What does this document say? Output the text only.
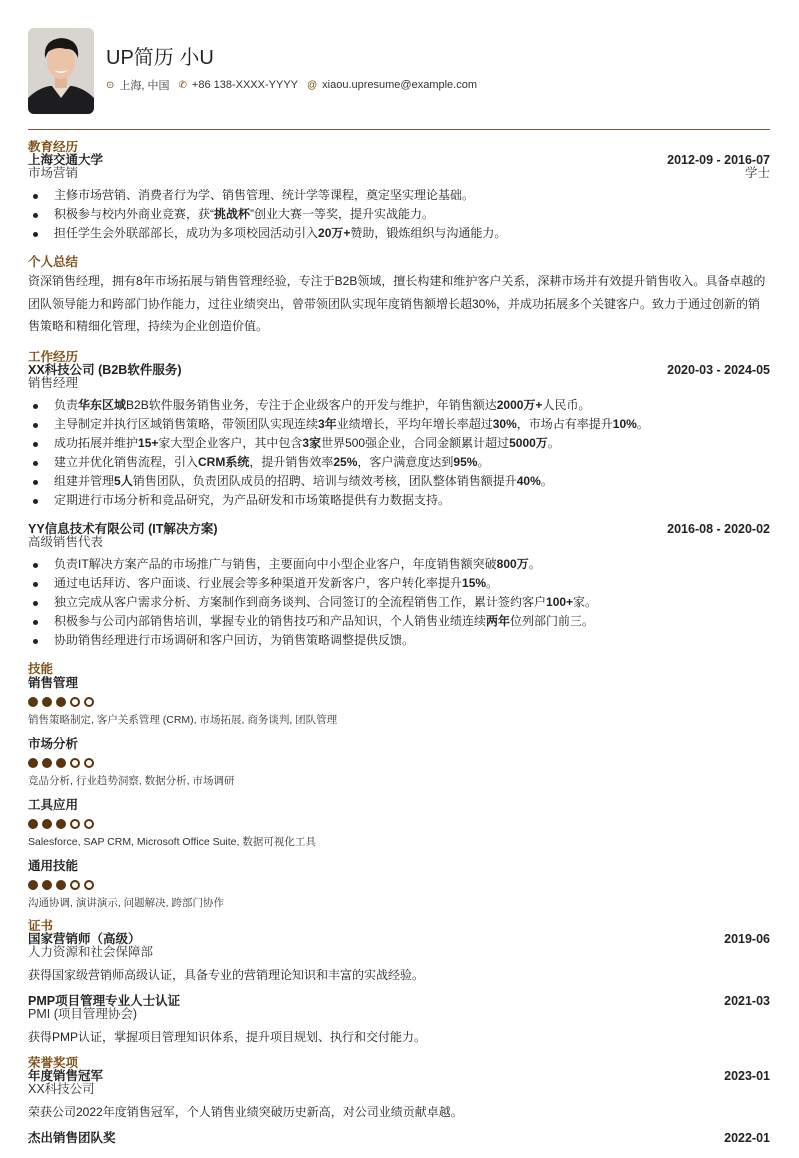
UP简历 小U
⊙ 上海, 中国 ✆ +86 138-XXXX-YYYY @ xiaou.upresume@example.com
教育经历
上海交通大学	2012-09 - 2016-07
市场营销	学士
主修市场营销、消费者行为学、销售管理、统计学等课程，奠定坚实理论基础。
积极参与校内外商业竞赛，获“挑战杯”创业大赛一等奖，提升实战能力。
担任学生会外联部部长，成功为多项校园活动引入20万+赞助，锻炼组织与沟通能力。
个人总结
资深销售经理，拥有8年市场拓展与销售管理经验，专注于B2B领域，擅长构建和维护客户关系，深耕市场并有效提升销售收入。具备卓越的团队领导能力和跨部门协作能力，过往业绩突出，曾带领团队实现年度销售额增长超30%，并成功拓展多个关键客户。致力于通过创新的销售策略和精细化管理，持续为企业创造价值。
工作经历
XX科技公司 (B2B软件服务)	2020-03 - 2024-05
销售经理
负责华东区域B2B软件服务销售业务，专注于企业级客户的开发与维护，年销售额达2000万+人民币。
主导制定并执行区域销售策略，带领团队实现连续3年业绩增长，平均年增长率超过30%，市场占有率提升10%。
成功拓展并维护15+家大型企业客户，其中包含3家世界500强企业，合同金额累计超过5000万。
建立并优化销售流程，引入CRM系统，提升销售效率25%，客户满意度达到95%。
组建并管理5人销售团队，负责团队成员的招聘、培训与绩效考核，团队整体销售额提升40%。
定期进行市场分析和竞品研究，为产品研发和市场策略提供有力数据支持。
YY信息技术有限公司 (IT解决方案)	2016-08 - 2020-02
高级销售代表
负责IT解决方案产品的市场推广与销售，主要面向中小型企业客户，年度销售额突破800万。
通过电话拜访、客户面谈、行业展会等多种渠道开发新客户，客户转化率提升15%。
独立完成从客户需求分析、方案制作到商务谈判、合同签订的全流程销售工作，累计签约客户100+家。
积极参与公司内部销售培训，掌握专业的销售技巧和产品知识，个人销售业绩连续两年位列部门前三。
协助销售经理进行市场调研和客户回访，为销售策略调整提供反馈。
技能
销售管理
销售策略制定, 客户关系管理 (CRM), 市场拓展, 商务谈判, 团队管理
市场分析
竞品分析, 行业趋势洞察, 数据分析, 市场调研
工具应用
Salesforce, SAP CRM, Microsoft Office Suite, 数据可视化工具
通用技能
沟通协调, 演讲演示, 问题解决, 跨部门协作
证书
国家营销师（高级）	2019-06
人力资源和社会保障部
获得国家级营销师高级认证，具备专业的营销理论知识和丰富的实战经验。
PMP项目管理专业人士认证	2021-03
PMI (项目管理协会)
获得PMP认证，掌握项目管理知识体系，提升项目规划、执行和交付能力。
荣誉奖项
年度销售冠军	2023-01
XX科技公司
荣获公司2022年度销售冠军，个人销售业绩突破历史新高，对公司业绩贡献卓越。
杰出销售团队奖	2022-01
